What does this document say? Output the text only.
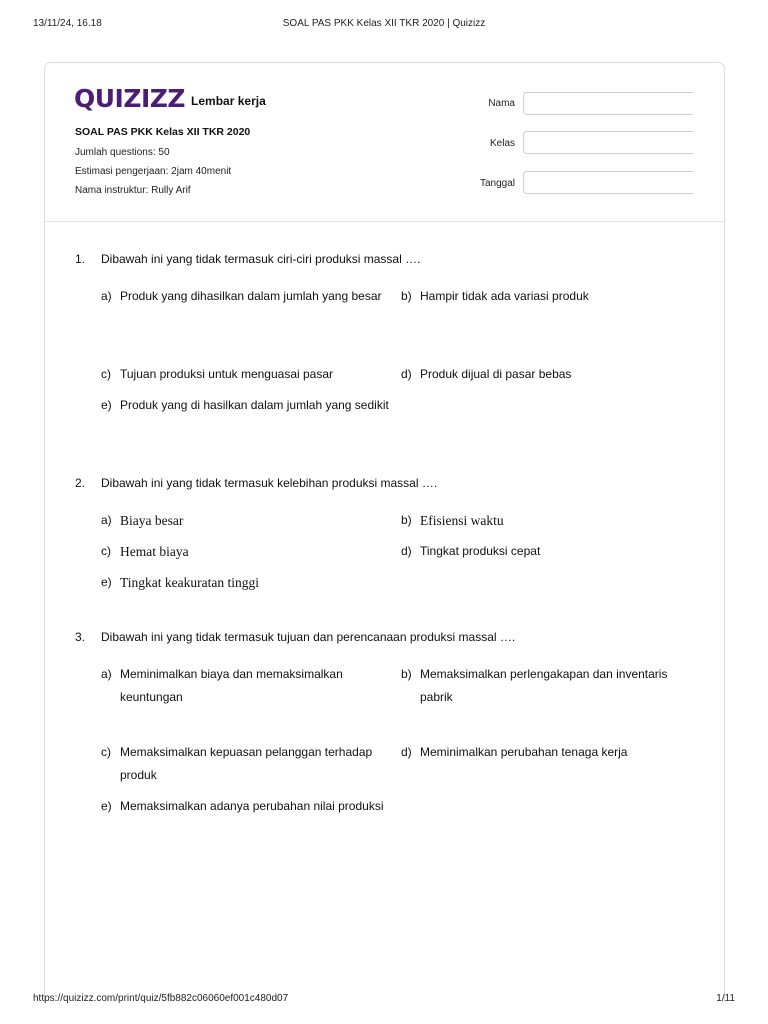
13/11/24, 16.18	SOAL PAS PKK Kelas XII TKR 2020 | Quizizz
QUIZIZZ Lembar kerja
SOAL PAS PKK Kelas XII TKR 2020
Jumlah questions: 50
Estimasi pengerjaan: 2jam 40menit
Nama instruktur: Rully Arif
Nama
Kelas
Tanggal
1. Dibawah ini yang tidak termasuk ciri-ciri produksi massal ….
a) Produk yang dihasilkan dalam jumlah yang besar	b) Hampir tidak ada variasi produk
c) Tujuan produksi untuk menguasai pasar	d) Produk dijual di pasar bebas
e) Produk yang di hasilkan dalam jumlah yang sedikit
2. Dibawah ini yang tidak termasuk kelebihan produksi massal ….
a) Biaya besar	b) Efisiensi waktu
c) Hemat biaya	d) Tingkat produksi cepat
e) Tingkat keakuratan tinggi
3. Dibawah ini yang tidak termasuk tujuan dan perencanaan produksi massal ….
a) Meminimalkan biaya dan memaksimalkan keuntungan
b) Memaksimalkan perlengakapan dan inventaris pabrik
c) Memaksimalkan kepuasan pelanggan terhadap produk
d) Meminimalkan perubahan tenaga kerja
e) Memaksimalkan adanya perubahan nilai produksi
https://quizizz.com/print/quiz/5fb882c06060ef001c480d07	1/11
